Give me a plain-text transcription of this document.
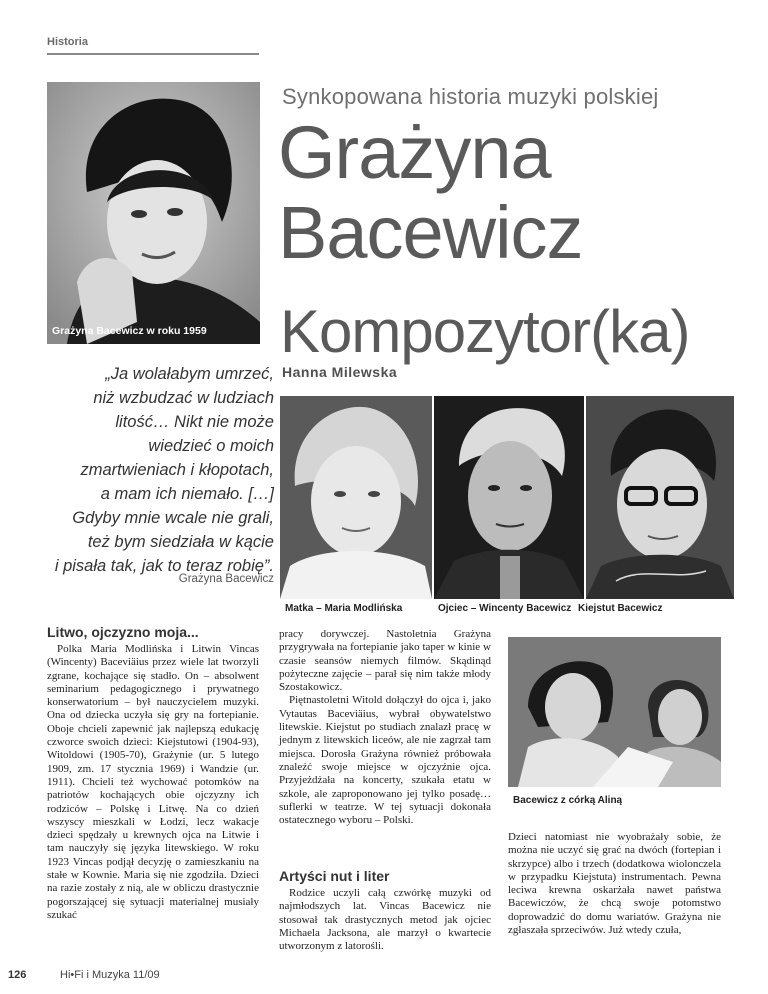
Historia
Grażyna Bacewicz w roku 1959
Synkopowana historia muzyki polskiej
Grażyna
Bacewicz
Kompozytor(ka)
Hanna Milewska
„Ja wolałabym umrzeć,
niż wzbudzać w ludziach
litość… Nikt nie może
wiedzieć o moich
zmartwieniach i kłopotach,
a mam ich niemało. […]
Gdyby mnie wcale nie grali,
też bym siedziała w kącie
i pisała tak, jak to teraz robię”.
Grażyna Bacewicz
Matka – Maria Modlińska	Ojciec – Wincenty Bacewicz Kiejstut Bacewicz
Bacewicz z córką Aliną
Litwo, ojczyzno moja...

Polka Maria Modlińska i Litwin Vincas (Wincenty) Baceviäius przez wiele lat tworzyli zgrane, kochające się stadło. On – absolwent seminarium pedagogicznego i prywatnego konserwatorium – był nauczycielem muzyki. Ona od dziecka uczyła się gry na fortepianie. Oboje chcieli zapewnić jak najlepszą edukację czworce swoich dzieci: Kiejstutowi (1904-93), Witoldowi (1905-70), Grażynie (ur. 5 lutego 1909, zm. 17 stycznia 1969) i Wandzie (ur. 1911). Chcieli też wychować potomków na patriotów kochających obie ojczyzny ich rodziców – Polskę i Litwę. Na co dzień wszyscy mieszkali w Łodzi, lecz wakacje dzieci spędzały u krewnych ojca na Litwie i tam nauczyły się języka litewskiego. W roku 1923 Vincas podjął decyzję o zamieszkaniu na stałe w Kownie. Maria się nie zgodziła. Dzieci na razie zostały z nią, ale w obliczu drastycznie pogorszającej się sytuacji materialnej musiały szukać

pracy dorywczej. Nastoletnia Grażyna przygrywała na fortepianie jako taper w kinie w czasie seansów niemych filmów. Skądinąd pożyteczne zajęcie – parał się nim także młody Szostakowicz.

Piętnastoletni Witold dołączył do ojca i, jako Vytautas Baceviäius, wybrał obywatelstwo litewskie. Kiejstut po studiach znalazł pracę w jednym z litewskich liceów, ale nie zagrzał tam miejsca. Dorosła Grażyna również próbowała znaleźć swoje miejsce w ojczyźnie ojca. Przyjeżdżała na koncerty, szukała etatu w szkole, ale zaproponowano jej tylko posadę… suflerki w teatrze. W tej sytuacji dokonała ostatecznego wyboru – Polski.

Artyści nut i liter

Rodzice uczyli całą czwórkę muzyki od najmłodszych lat. Vincas Bacewicz nie stosował tak drastycznych metod jak ojciec Michaela Jacksona, ale marzył o kwartecie utworzonym z latorośli.

Dzieci natomiast nie wyobrażały sobie, że można nie uczyć się grać na dwóch (fortepian i skrzypce) albo i trzech (dodatkowa wiolonczela w przypadku Kiejstuta) instrumentach. Pewna leciwa krewna oskarżała nawet państwa Bacewiczów, że chcą swoje potomstwo doprowadzić do domu wariatów. Grażyna nie zgłaszała sprzeciwów. Już wtedy czuła,

126	Hi•Fi i Muzyka 11/09
